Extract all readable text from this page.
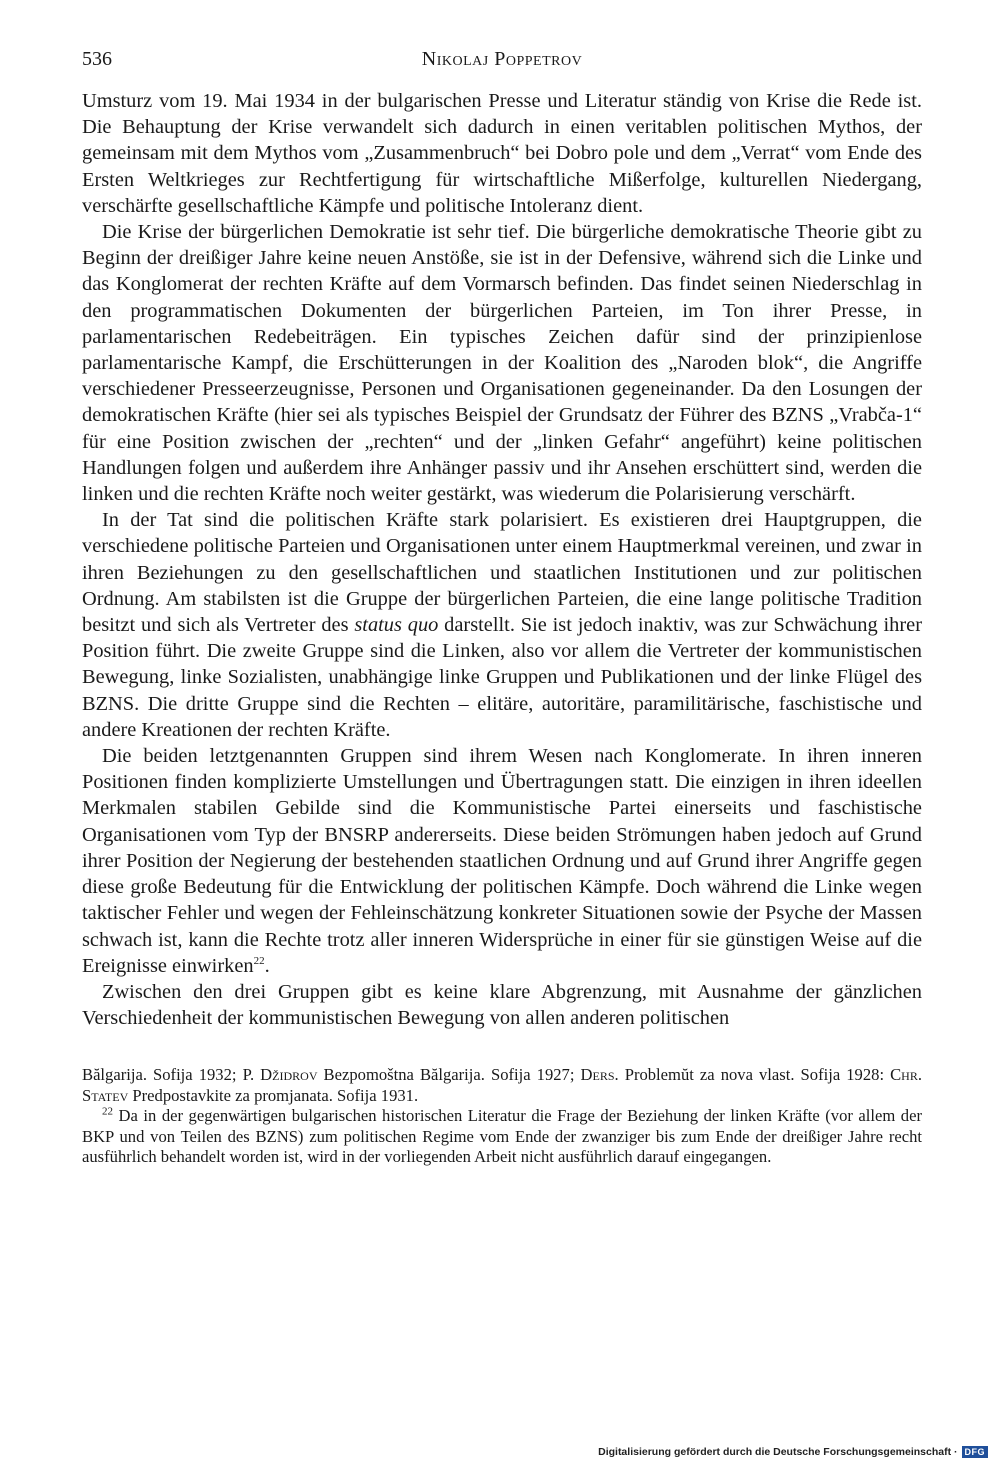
536	Nikolaj Poppetrov

Umsturz vom 19. Mai 1934 in der bulgarischen Presse und Literatur ständig von Krise die Rede ist. Die Behauptung der Krise verwandelt sich dadurch in einen veritablen politischen Mythos, der gemeinsam mit dem Mythos vom „Zusammenbruch“ bei Dobro pole und dem „Verrat“ vom Ende des Ersten Weltkrieges zur Rechtfertigung für wirtschaftliche Mißerfolge, kulturellen Niedergang, verschärfte gesellschaftliche Kämpfe und politische Intoleranz dient.

Die Krise der bürgerlichen Demokratie ist sehr tief. Die bürgerliche demokratische Theorie gibt zu Beginn der dreißiger Jahre keine neuen Anstöße, sie ist in der Defensive, während sich die Linke und das Konglomerat der rechten Kräfte auf dem Vormarsch befinden. Das findet seinen Niederschlag in den programmatischen Dokumenten der bürgerlichen Parteien, im Ton ihrer Presse, in parlamentarischen Redebeiträgen. Ein typisches Zeichen dafür sind der prinzipienlose parlamentarische Kampf, die Erschütterungen in der Koalition des „Naroden blok“, die Angriffe verschiedener Presseerzeugnisse, Personen und Organisationen gegeneinander. Da den Losungen der demokratischen Kräfte (hier sei als typisches Beispiel der Grundsatz der Führer des BZNS „Vrabča-1“ für eine Position zwischen der „rechten“ und der „linken Gefahr“ angeführt) keine politischen Handlungen folgen und außerdem ihre Anhänger passiv und ihr Ansehen erschüttert sind, werden die linken und die rechten Kräfte noch weiter gestärkt, was wiederum die Polarisierung verschärft.

In der Tat sind die politischen Kräfte stark polarisiert. Es existieren drei Hauptgruppen, die verschiedene politische Parteien und Organisationen unter einem Hauptmerkmal vereinen, und zwar in ihren Beziehungen zu den gesellschaftlichen und staatlichen Institutionen und zur politischen Ordnung. Am stabilsten ist die Gruppe der bürgerlichen Parteien, die eine lange politische Tradition besitzt und sich als Vertreter des status quo darstellt. Sie ist jedoch inaktiv, was zur Schwächung ihrer Position führt. Die zweite Gruppe sind die Linken, also vor allem die Vertreter der kommunistischen Bewegung, linke Sozialisten, unabhängige linke Gruppen und Publikationen und der linke Flügel des BZNS. Die dritte Gruppe sind die Rechten – elitäre, autoritäre, paramilitärische, faschistische und andere Kreationen der rechten Kräfte.

Die beiden letztgenannten Gruppen sind ihrem Wesen nach Konglomerate. In ihren inneren Positionen finden komplizierte Umstellungen und Übertragungen statt. Die einzigen in ihren ideellen Merkmalen stabilen Gebilde sind die Kommunistische Partei einerseits und faschistische Organisationen vom Typ der BNSRP andererseits. Diese beiden Strömungen haben jedoch auf Grund ihrer Position der Negierung der bestehenden staatlichen Ordnung und auf Grund ihrer Angriffe gegen diese große Bedeutung für die Entwicklung der politischen Kämpfe. Doch während die Linke wegen taktischer Fehler und wegen der Fehleinschätzung konkreter Situationen sowie der Psyche der Massen schwach ist, kann die Rechte trotz aller inneren Widersprüche in einer für sie günstigen Weise auf die Ereignisse einwirken$^{22}$.

Zwischen den drei Gruppen gibt es keine klare Abgrenzung, mit Ausnahme der gänzlichen Verschiedenheit der kommunistischen Bewegung von allen anderen politischen

Bălgarija. Sofija 1932; P. Džidrov Bezpomoštna Bălgarija. Sofija 1927; Ders. Problemŭt za nova vlast. Sofija 1928: Chr. Statev Predpostavkite za promjanata. Sofija 1931.

$^{22}$ Da in der gegenwärtigen bulgarischen historischen Literatur die Frage der Beziehung der linken Kräfte (vor allem der BKP und von Teilen des BZNS) zum politischen Regime vom Ende der zwanziger bis zum Ende der dreißiger Jahre recht ausführlich behandelt worden ist, wird in der vorliegenden Arbeit nicht ausführlich darauf eingegangen.

Digitalisierung gefördert durch die Deutsche Forschungsgemeinschaft · DFG
